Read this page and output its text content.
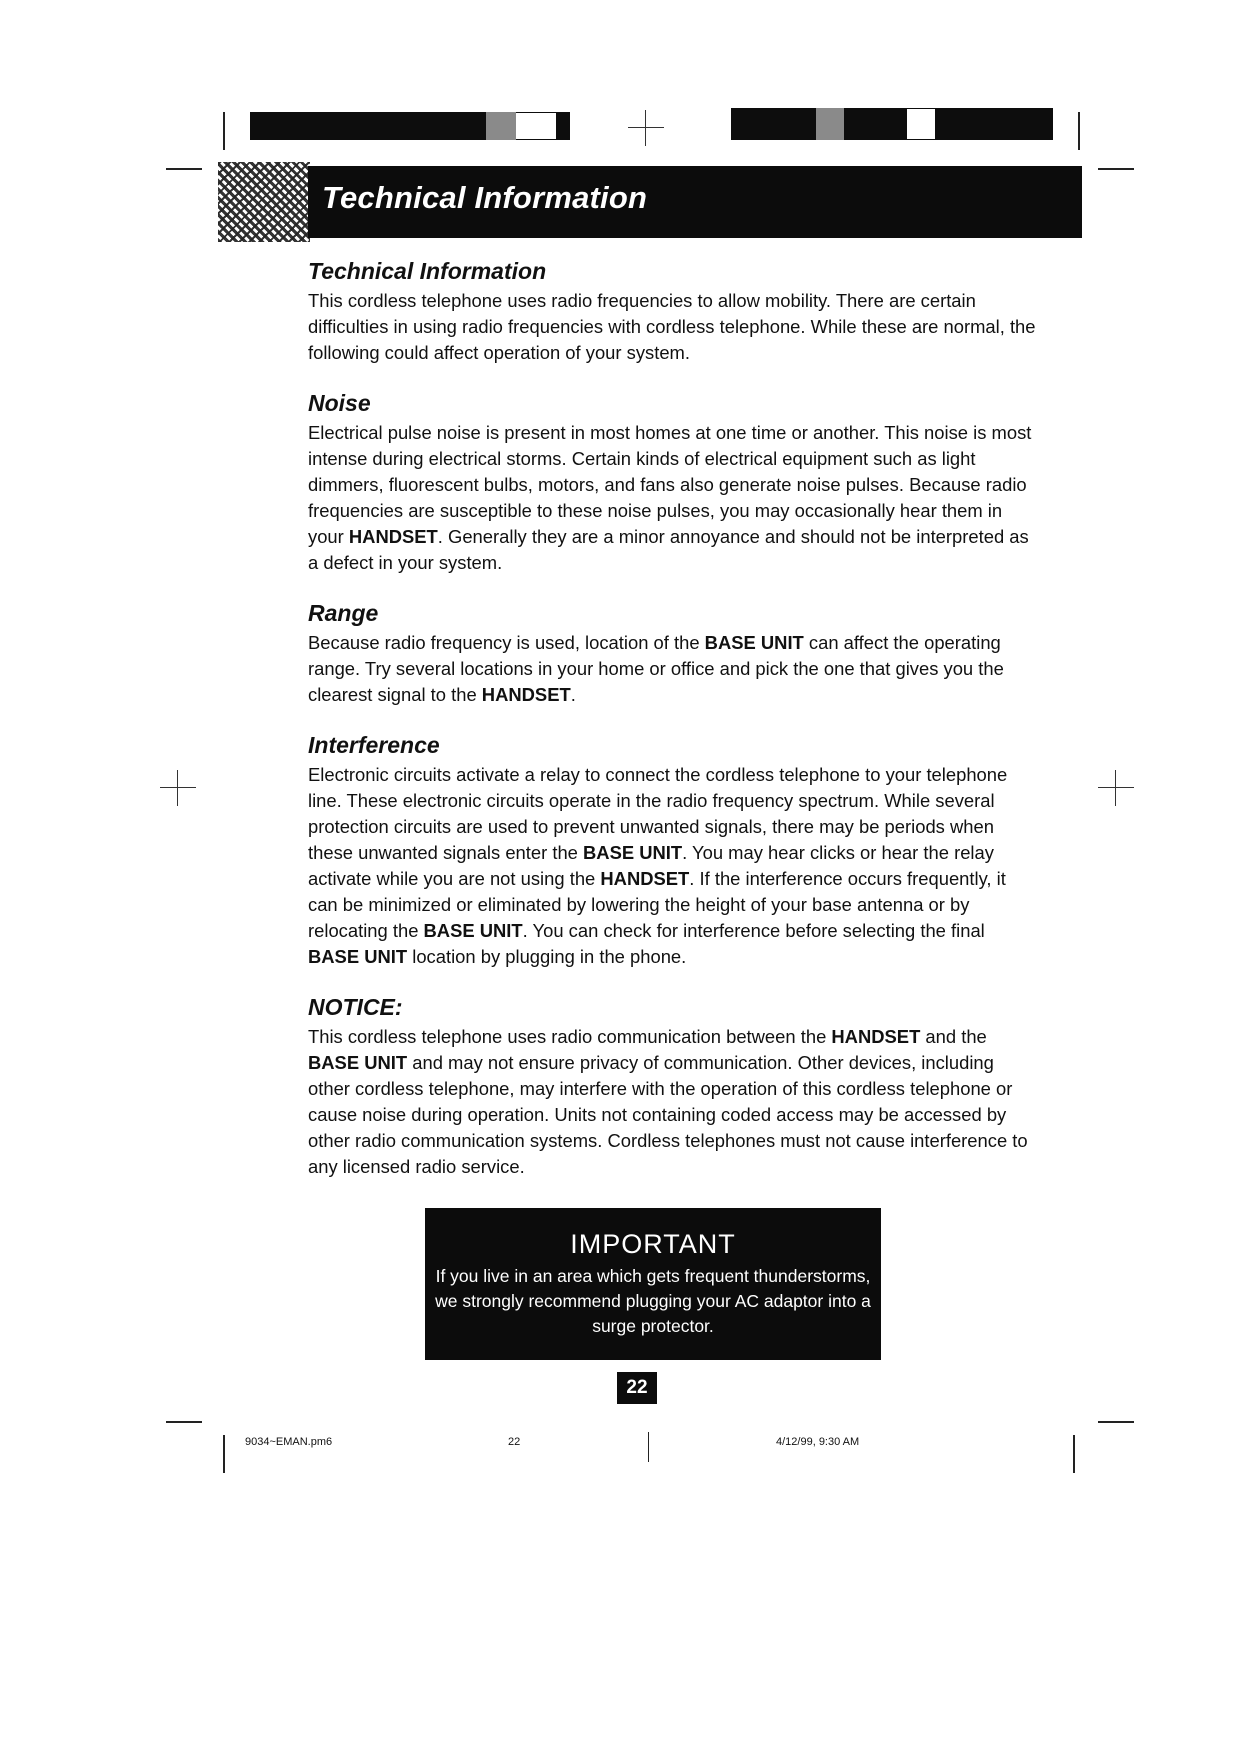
Technical Information
Technical Information

This cordless telephone uses radio frequencies to allow mobility. There are certain difficulties in using radio frequencies with cordless telephone. While these are normal, the following could affect operation of your system.

Noise

Electrical pulse noise is present in most homes at one time or another. This noise is most intense during electrical storms. Certain kinds of electrical equipment such as light dimmers, fluorescent bulbs, motors, and fans also generate noise pulses. Because radio frequencies are susceptible to these noise pulses, you may occasionally hear them in your HANDSET. Generally they are a minor annoyance and should not be interpreted as a defect in your system.

Range

Because radio frequency is used, location of the BASE UNIT can affect the operating range. Try several locations in your home or office and pick the one that gives you the clearest signal to the HANDSET.

Interference

Electronic circuits activate a relay to connect the cordless telephone to your telephone line. These electronic circuits operate in the radio frequency spectrum. While several protection circuits are used to prevent unwanted signals, there may be periods when these unwanted signals enter the BASE UNIT. You may hear clicks or hear the relay activate while you are not using the HANDSET. If the interference occurs frequently, it can be minimized or eliminated by lowering the height of your base antenna or by relocating the BASE UNIT. You can check for interference before selecting the final BASE UNIT location by plugging in the phone.

NOTICE:

This cordless telephone uses radio communication between the HANDSET and the BASE UNIT and may not ensure privacy of communication. Other devices, including other cordless telephone, may interfere with the operation of this cordless telephone or cause noise during operation. Units not containing coded access may be accessed by other radio communication systems. Cordless telephones must not cause interference to any licensed radio service.

IMPORTANT
If you live in an area which gets frequent thunderstorms, we strongly recommend plugging your AC adaptor into a surge protector.
22
9034~EMAN.pm6	22	4/12/99, 9:30 AM
